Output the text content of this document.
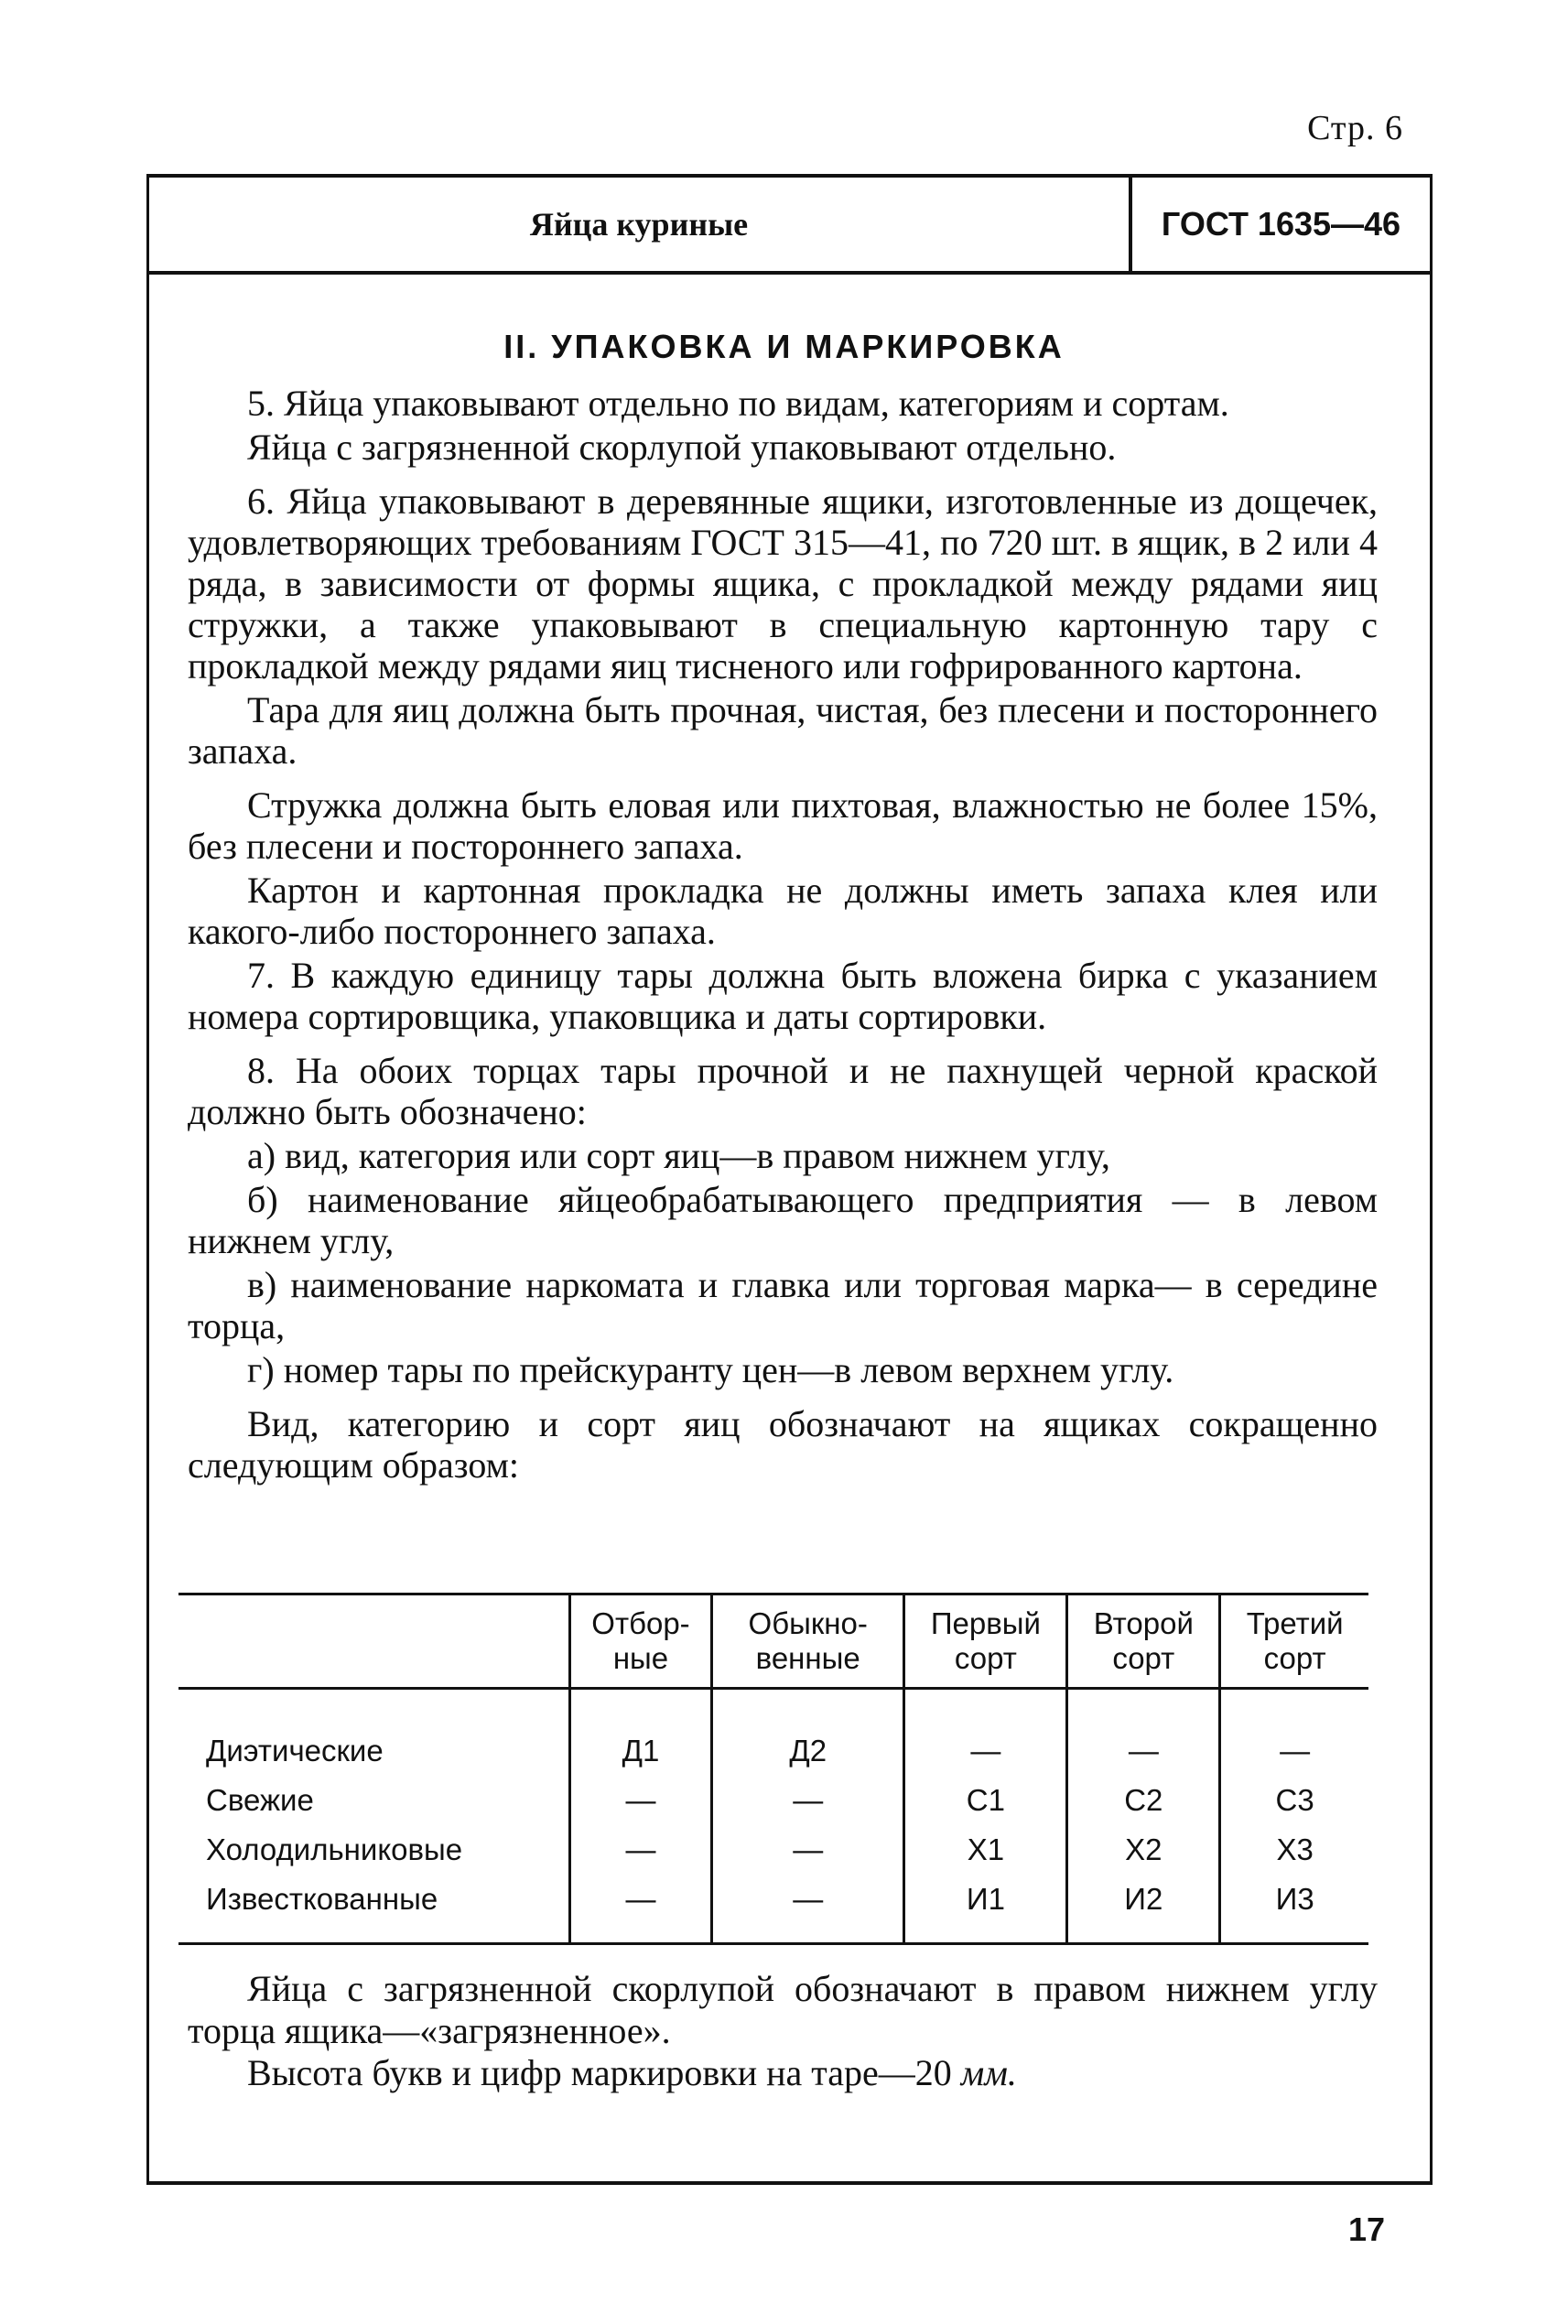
Стр. 6
Яйца куриные	ГОСТ 1635—46
II. УПАКОВКА И МАРКИРОВКА

5. Яйца упаковывают отдельно по видам, категориям и сортам.

Яйца с загрязненной скорлупой упаковывают отдельно.

6. Яйца упаковывают в деревянные ящики, изготовленные из дощечек, удовлетворяющих требованиям ГОСТ 315—41, по 720 шт. в ящик, в 2 или 4 ряда, в зависимости от формы ящика, с прокладкой между рядами яиц стружки, а также упаковывают в специальную картонную тару с прокладкой между рядами яиц тисненого или гофрированного картона.

Тара для яиц должна быть прочная, чистая, без плесени и постороннего запаха.

Стружка должна быть еловая или пихтовая, влажностью не более 15%, без плесени и постороннего запаха.

Картон и картонная прокладка не должны иметь запаха клея или какого-либо постороннего запаха.

7. В каждую единицу тары должна быть вложена бирка с указанием номера сортировщика, упаковщика и даты сортировки.

8. На обоих торцах тары прочной и не пахнущей черной краской должно быть обозначено:

а) вид, категория или сорт яиц—в правом нижнем углу,

б) наименование яйцеобрабатывающего предприятия — в левом нижнем углу,

в) наименование наркомата и главка или торговая марка— в середине торца,

г) номер тары по прейскуранту цен—в левом верхнем углу.

Вид, категорию и сорт яиц обозначают на ящиках сокращенно следующим образом:

	Отбор-ные	Обыкно-венные	Первый сорт	Второй сорт	Третий сорт
Диэтические	Д1	Д2	—	—	—
Свежие	—	—	С1	С2	С3
Холодильниковые	—	—	Х1	Х2	Х3
Известкованные	—	—	И1	И2	И3

Яйца с загрязненной скорлупой обозначают в правом нижнем углу торца ящика—«загрязненное».

Высота букв и цифр маркировки на таре—20 мм.

17
